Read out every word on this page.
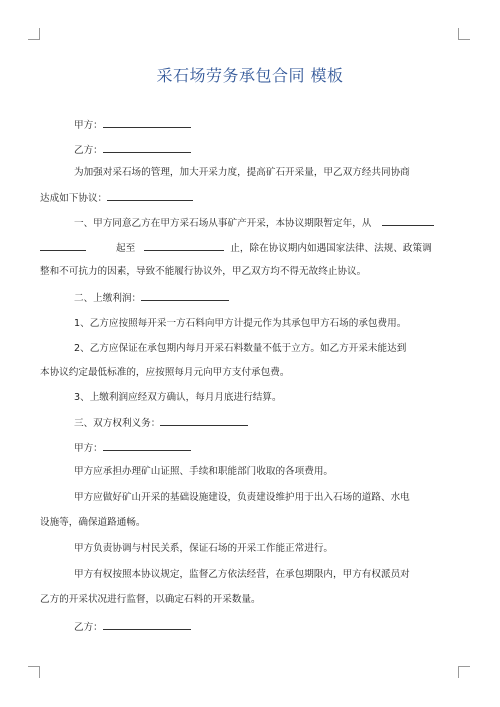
采石场劳务承包合同 模板
甲方：
乙方：
为加强对采石场的管理，加大开采力度，提高矿石开采量，甲乙双方经共同协商
达成如下协议：
一、甲方同意乙方在甲方采石场从事矿产开采，本协议期限暂定年，从
起至	止，除在协议期内如遇国家法律、法规、政策调
整和不可抗力的因素，导致不能履行协议外，甲乙双方均不得无故终止协议。
二、上缴利润：
1、乙方应按照每开采一方石料向甲方计提元作为其承包甲方石场的承包费用。
2、乙方应保证在承包期内每月开采石料数量不低于立方。如乙方开采未能达到
本协议约定最低标准的，应按照每月元向甲方支付承包费。
3、上缴利润应经双方确认，每月月底进行结算。
三、双方权利义务：
甲方：
甲方应承担办理矿山证照、手续和职能部门收取的各项费用。
甲方应做好矿山开采的基础设施建设，负责建设维护用于出入石场的道路、水电
设施等，确保道路通畅。
甲方负责协调与村民关系，保证石场的开采工作能正常进行。
甲方有权按照本协议规定，监督乙方依法经营，在承包期限内，甲方有权派员对
乙方的开采状况进行监督，以确定石料的开采数量。
乙方：
